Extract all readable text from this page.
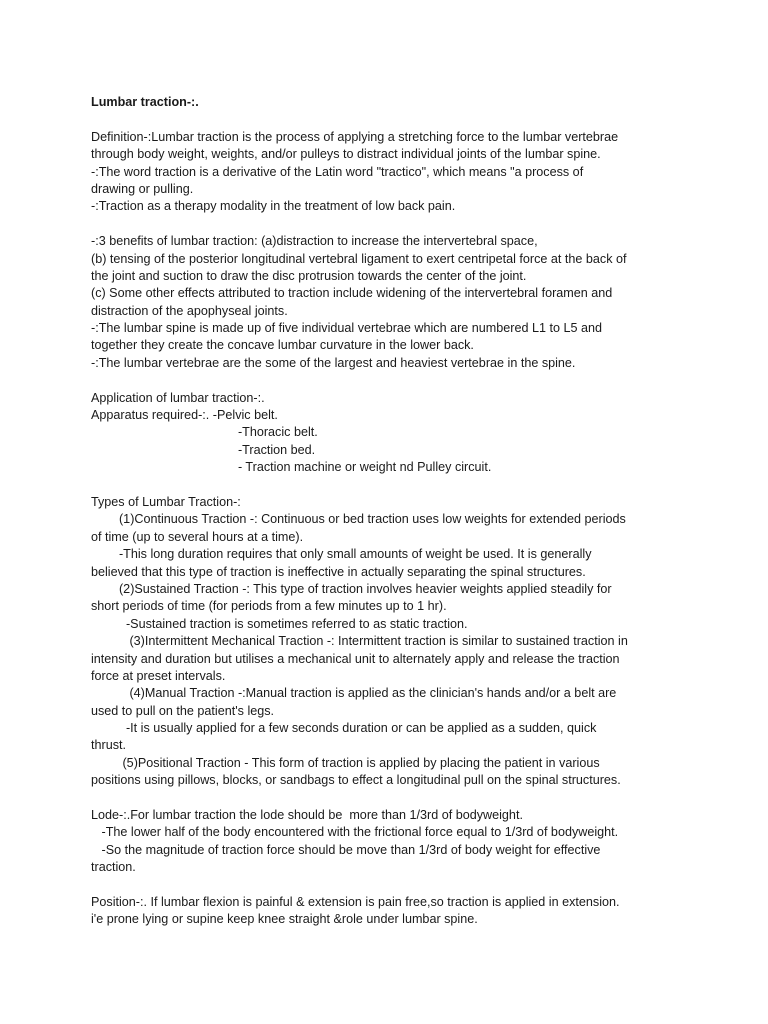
Lumbar traction-:.
Definition-:Lumbar traction is the process of applying a stretching force to the lumbar vertebrae
through body weight, weights, and/or pulleys to distract individual joints of the lumbar spine.
-:The word traction is a derivative of the Latin word "tractico", which means "a process of
drawing or pulling.
-:Traction as a therapy modality in the treatment of low back pain.
-:3 benefits of lumbar traction: (a)distraction to increase the intervertebral space,
(b) tensing of the posterior longitudinal vertebral ligament to exert centripetal force at the back of
the joint and suction to draw the disc protrusion towards the center of the joint.
(c) Some other effects attributed to traction include widening of the intervertebral foramen and
distraction of the apophyseal joints.
-:The lumbar spine is made up of five individual vertebrae which are numbered L1 to L5 and
together they create the concave lumbar curvature in the lower back.
-:The lumbar vertebrae are the some of the largest and heaviest vertebrae in the spine.
Application of lumbar traction-:.
Apparatus required-:. -Pelvic belt.
-Thoracic belt.
-Traction bed.
- Traction machine or weight nd Pulley circuit.
Types of Lumbar Traction-:
(1)Continuous Traction -: Continuous or bed traction uses low weights for extended periods
of time (up to several hours at a time).
-This long duration requires that only small amounts of weight be used. It is generally
believed that this type of traction is ineffective in actually separating the spinal structures.
(2)Sustained Traction -: This type of traction involves heavier weights applied steadily for
short periods of time (for periods from a few minutes up to 1 hr).
-Sustained traction is sometimes referred to as static traction.
(3)Intermittent Mechanical Traction -: Intermittent traction is similar to sustained traction in
intensity and duration but utilises a mechanical unit to alternately apply and release the traction
force at preset intervals.
(4)Manual Traction -:Manual traction is applied as the clinician's hands and/or a belt are
used to pull on the patient's legs.
-It is usually applied for a few seconds duration or can be applied as a sudden, quick
thrust.
(5)Positional Traction - This form of traction is applied by placing the patient in various
positions using pillows, blocks, or sandbags to effect a longitudinal pull on the spinal structures.
Lode-:.For lumbar traction the lode should be  more than 1/3rd of bodyweight.
-The lower half of the body encountered with the frictional force equal to 1/3rd of bodyweight.
-So the magnitude of traction force should be move than 1/3rd of body weight for effective
traction.
Position-:. If lumbar flexion is painful & extension is pain free,so traction is applied in extension.
i'e prone lying or supine keep knee straight &role under lumbar spine.
